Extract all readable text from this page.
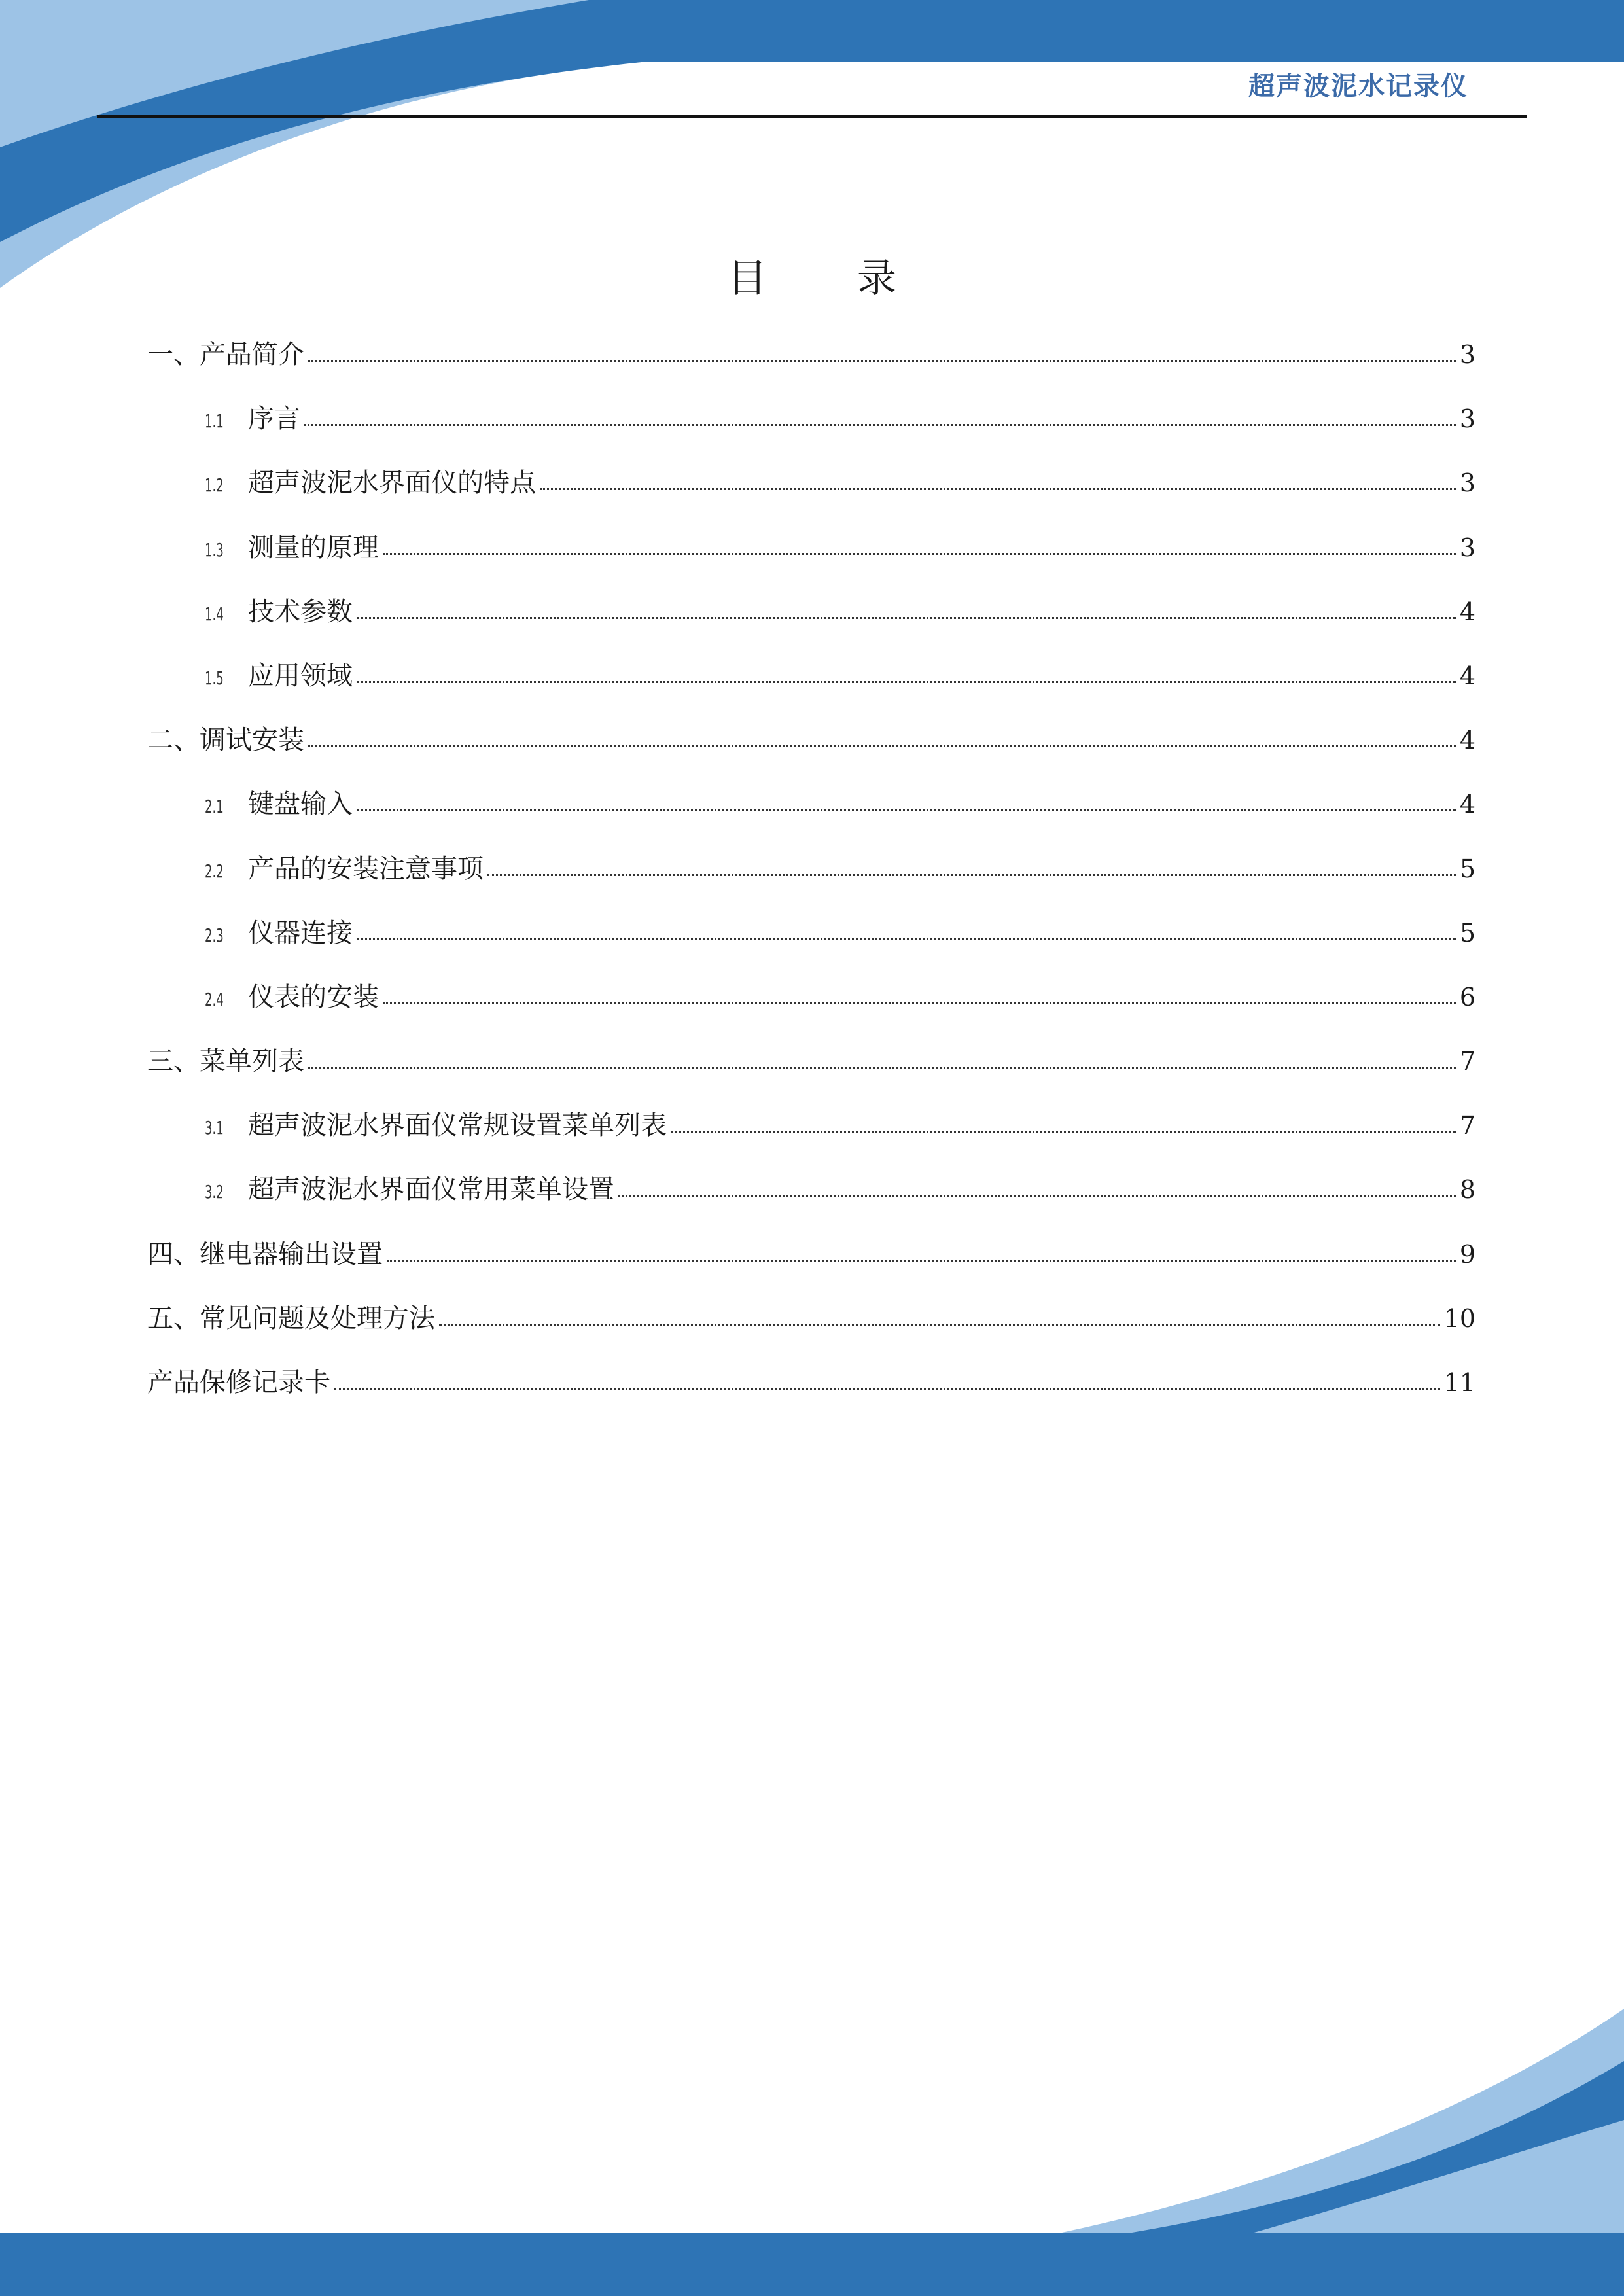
超声波泥水记录仪
目录
一、产品简介	3
1.1 序言	3
1.2 超声波泥水界面仪的特点	3
1.3 测量的原理	3
1.4 技术参数	4
1.5 应用领域	4
二、调试安装	4
2.1 键盘输入	4
2.2 产品的安装注意事项	5
2.3 仪器连接	5
2.4 仪表的安装	6
三、菜单列表	7
3.1 超声波泥水界面仪常规设置菜单列表	7
3.2 超声波泥水界面仪常用菜单设置	8
四、继电器输出设置	9
五、常见问题及处理方法	10
产品保修记录卡	11
